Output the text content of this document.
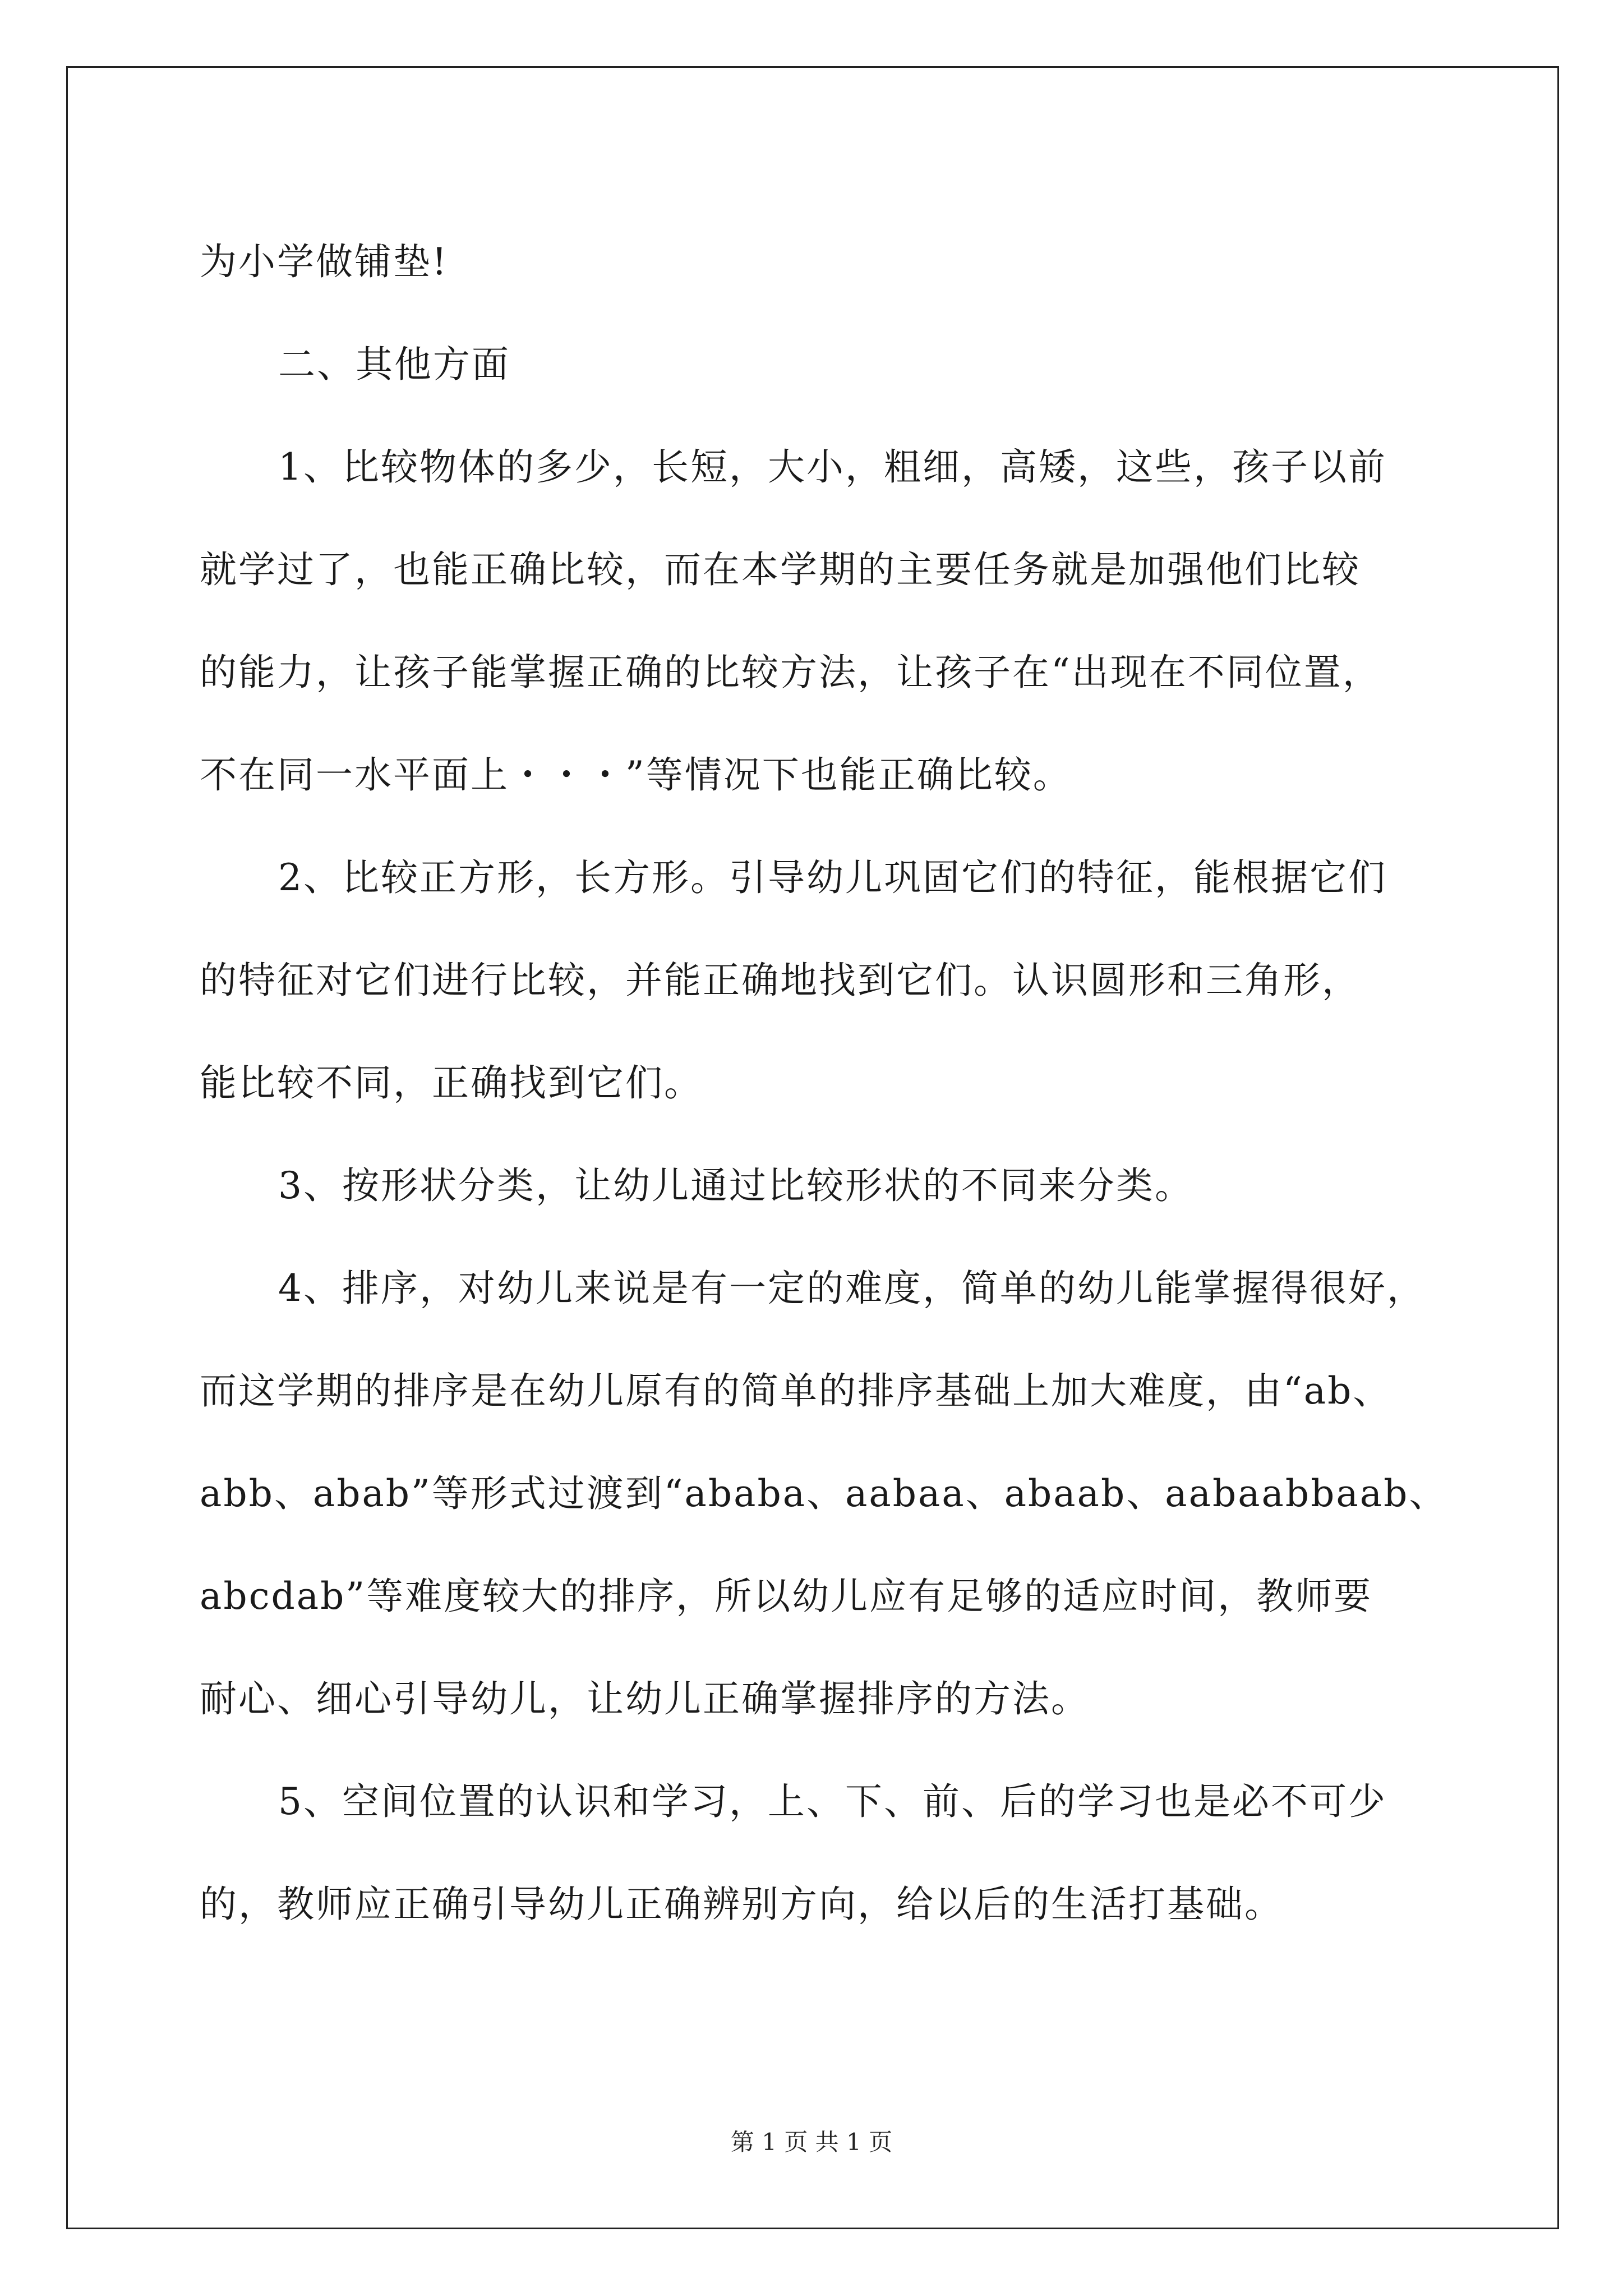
为小学做铺垫!
二、其他方面
1、比较物体的多少，长短，大小，粗细，高矮，这些，孩子以前
就学过了，也能正确比较，而在本学期的主要任务就是加强他们比较
的能力，让孩子能掌握正确的比较方法，让孩子在“出现在不同位置，
不在同一水平面上・・・”等情况下也能正确比较。
2、比较正方形，长方形。引导幼儿巩固它们的特征，能根据它们
的特征对它们进行比较，并能正确地找到它们。认识圆形和三角形，
能比较不同，正确找到它们。
3、按形状分类，让幼儿通过比较形状的不同来分类。
4、排序，对幼儿来说是有一定的难度，简单的幼儿能掌握得很好，
而这学期的排序是在幼儿原有的简单的排序基础上加大难度，由“ab、
abb、abab”等形式过渡到“ababa、aabaa、abaab、aabaabbaab、
abcdab”等难度较大的排序，所以幼儿应有足够的适应时间，教师要
耐心、细心引导幼儿，让幼儿正确掌握排序的方法。
5、空间位置的认识和学习，上、下、前、后的学习也是必不可少
的，教师应正确引导幼儿正确辨别方向，给以后的生活打基础。
第 1 页 共 1 页
